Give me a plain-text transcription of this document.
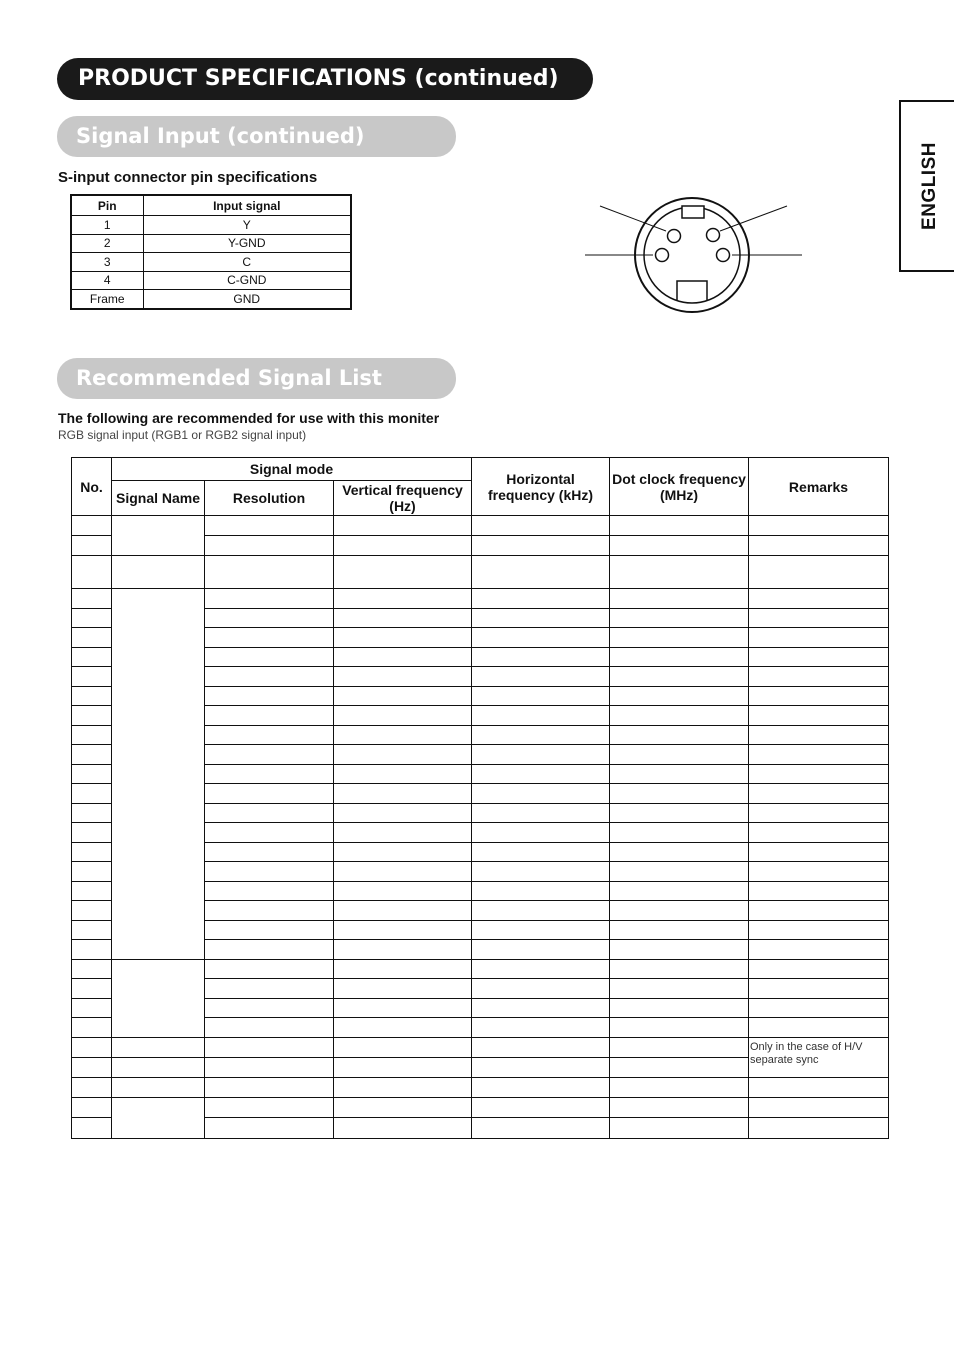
PRODUCT SPECIFICATIONS (continued)
ENGLISH
Signal Input (continued)
S-input connector pin specifications
Pin	Input signal
1	Y
2	Y-GND
3	C
4	C-GND
Frame	GND
Recommended Signal List
The following are recommended for use with this moniter
RGB signal input (RGB1 or RGB2 signal input)
No.	Signal mode			Horizontal frequency (kHz)	Dot clock frequency (MHz)	Remarks
	Signal Name	Resolution	Vertical frequency (Hz)			

						Only in the case of H/V separate sync
